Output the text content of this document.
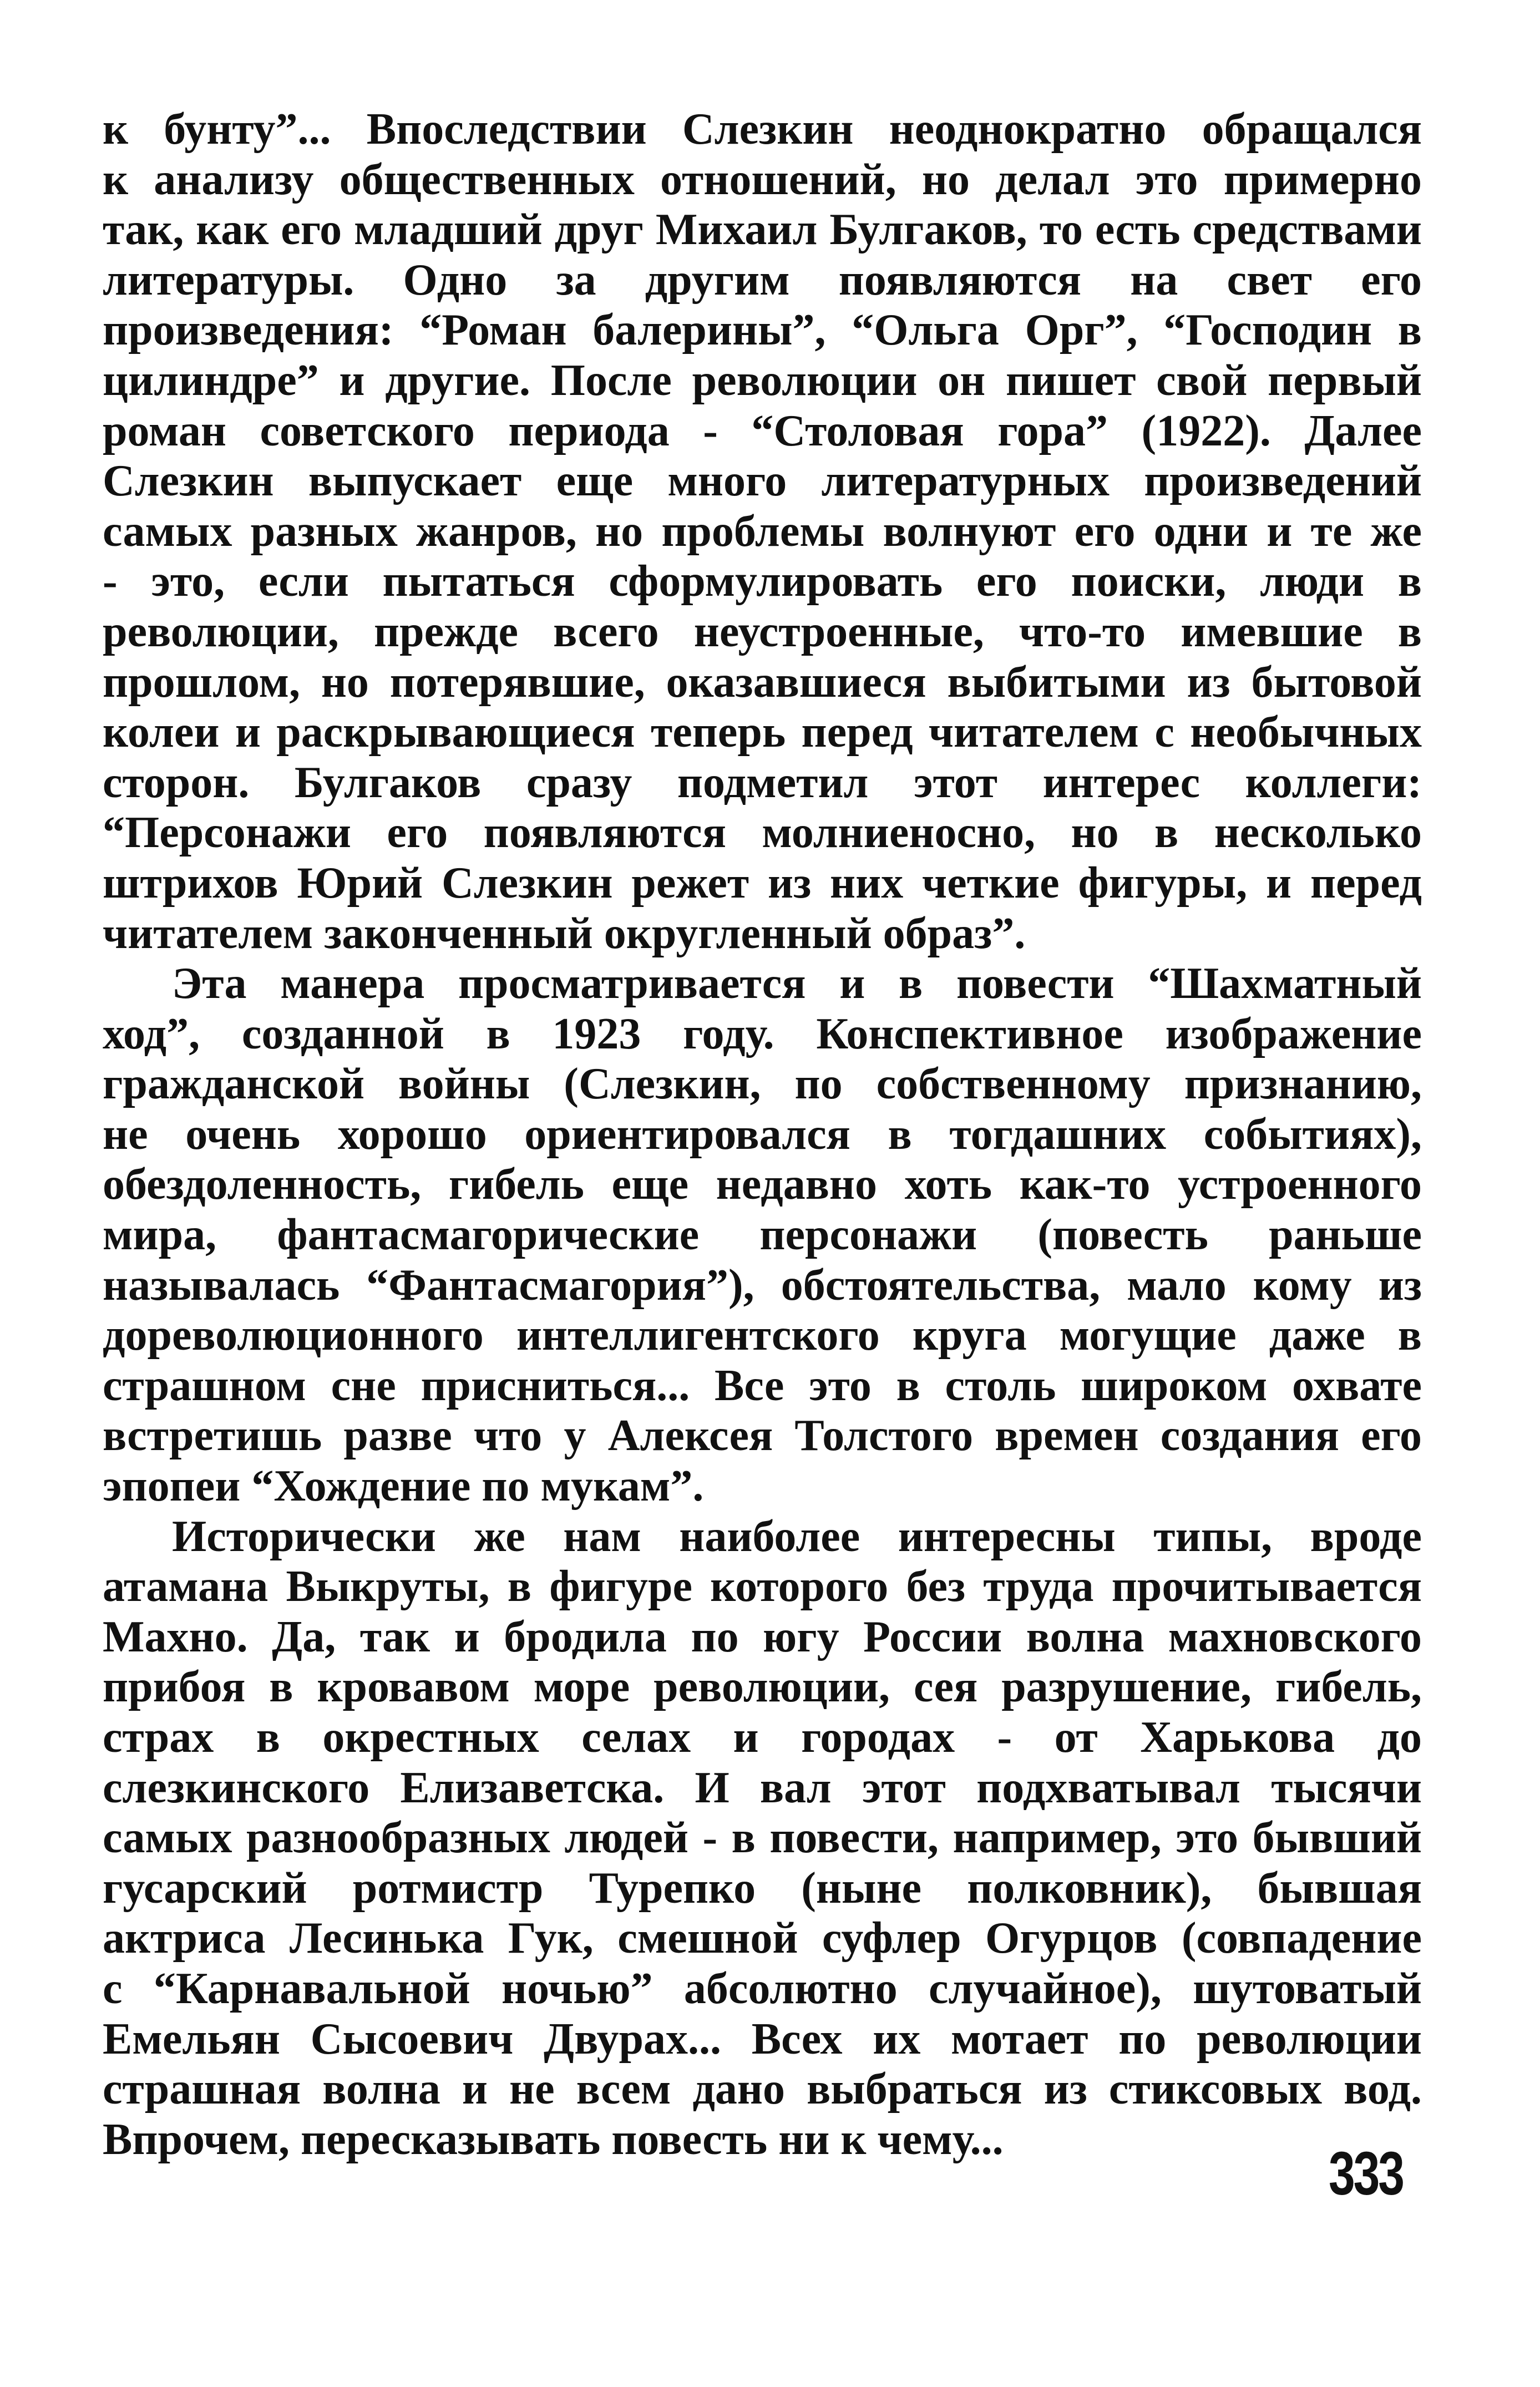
к бунту”... Впоследствии Слезкин неоднократно обращался
к анализу общественных отношений, но делал это примерно
так, как его младший друг Михаил Булгаков, то есть средствами
литературы. Одно за другим появляются на свет его
произведения: “Роман балерины”, “Ольга Орг”, “Господин в
цилиндре” и другие. После революции он пишет свой первый
роман советского периода - “Столовая гора” (1922). Далее
Слезкин выпускает еще много литературных произведений
самых разных жанров, но проблемы волнуют его одни и те же
- это, если пытаться сформулировать его поиски, люди в
революции, прежде всего неустроенные, что-то имевшие в
прошлом, но потерявшие, оказавшиеся выбитыми из бытовой
колеи и раскрывающиеся теперь перед читателем с необычных
сторон. Булгаков сразу подметил этот интерес коллеги:
“Персонажи его появляются молниеносно, но в несколько
штрихов Юрий Слезкин режет из них четкие фигуры, и перед
читателем законченный округленный образ”.
Эта манера просматривается и в повести “Шахматный
ход”, созданной в 1923 году. Конспективное изображение
гражданской войны (Слезкин, по собственному признанию,
не очень хорошо ориентировался в тогдашних событиях),
обездоленность, гибель еще недавно хоть как-то устроенного
мира, фантасмагорические персонажи (повесть раньше
называлась “Фантасмагория”), обстоятельства, мало кому из
дореволюционного интеллигентского круга могущие даже в
страшном сне присниться... Все это в столь широком охвате
встретишь разве что у Алексея Толстого времен создания его
эпопеи “Хождение по мукам”.
Исторически же нам наиболее интересны типы, вроде
атамана Выкруты, в фигуре которого без труда прочитывается
Махно. Да, так и бродила по югу России волна махновского
прибоя в кровавом море революции, сея разрушение, гибель,
страх в окрестных селах и городах - от Харькова до
слезкинского Елизаветска. И вал этот подхватывал тысячи
самых разнообразных людей - в повести, например, это бывший
гусарский ротмистр Турепко (ныне полковник), бывшая
актриса Лесинька Гук, смешной суфлер Огурцов (совпадение
с “Карнавальной ночью” абсолютно случайное), шутоватый
Емельян Сысоевич Двурах... Всех их мотает по революции
страшная волна и не всем дано выбраться из стиксовых вод.
Впрочем, пересказывать повесть ни к чему...
333
